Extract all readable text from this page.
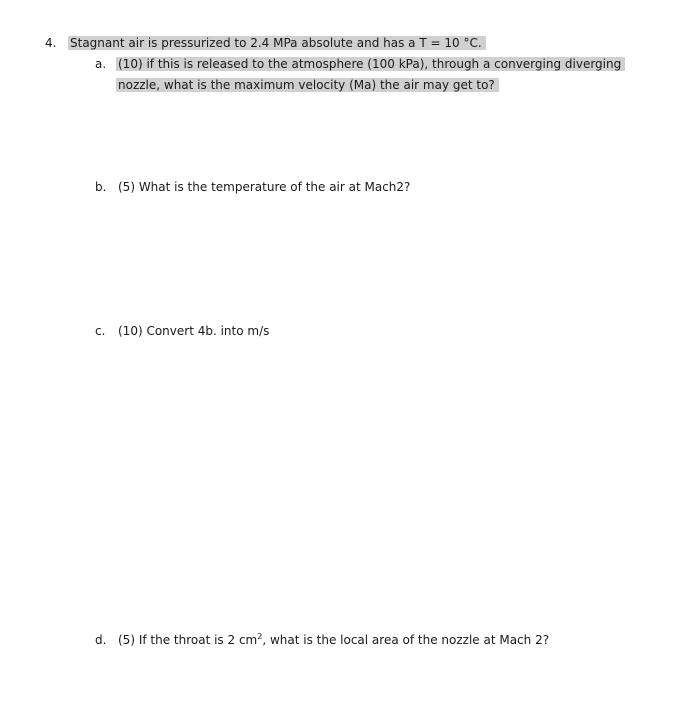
4. Stagnant air is pressurized to 2.4 MPa absolute and has a T = 10 °C.
a. (10) if this is released to the atmosphere (100 kPa), through a converging diverging
nozzle, what is the maximum velocity (Ma) the air may get to?
b. (5) What is the temperature of the air at Mach2?
c. (10) Convert 4b. into m/s
d. (5) If the throat is 2 $cm^2$, what is the local area of the nozzle at Mach 2?
